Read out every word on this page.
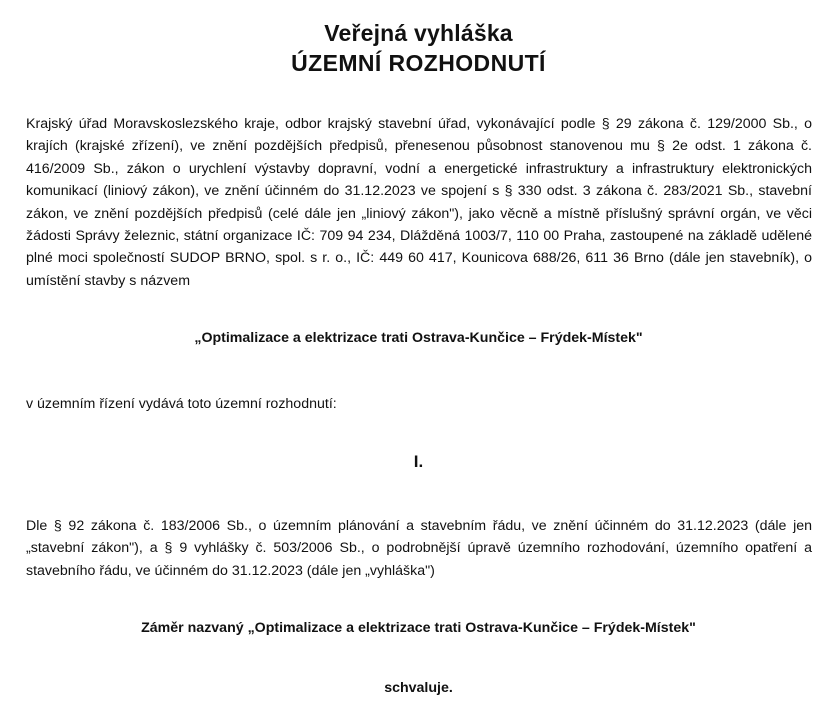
Veřejná vyhláška
ÚZEMNÍ ROZHODNUTÍ

Krajský úřad Moravskoslezského kraje, odbor krajský stavební úřad, vykonávající podle § 29 zákona č. 129/2000 Sb., o krajích (krajské zřízení), ve znění pozdějších předpisů, přenesenou působnost stanovenou mu § 2e odst. 1 zákona č. 416/2009 Sb., zákon o urychlení výstavby dopravní, vodní a energetické infrastruktury a infrastruktury elektronických komunikací (liniový zákon), ve znění účinném do 31.12.2023 ve spojení s § 330 odst. 3 zákona č. 283/2021 Sb., stavební zákon, ve znění pozdějších předpisů (celé dále jen „liniový zákon"), jako věcně a místně příslušný správní orgán, ve věci žádosti Správy železnic, státní organizace IČ: 709 94 234, Dlážděná 1003/7, 110 00 Praha, zastoupené na základě udělené plné moci společností SUDOP BRNO, spol. s r. o., IČ: 449 60 417, Kounicova 688/26, 611 36 Brno (dále jen stavebník), o umístění stavby s názvem

„Optimalizace a elektrizace trati Ostrava-Kunčice – Frýdek-Místek"
v územním řízení vydává toto územní rozhodnutí:
I.

Dle § 92 zákona č. 183/2006 Sb., o územním plánování a stavebním řádu, ve znění účinném do 31.12.2023 (dále jen „stavební zákon"), a § 9 vyhlášky č. 503/2006 Sb., o podrobnější úpravě územního rozhodování, územního opatření a stavebního řádu, ve účinném do 31.12.2023 (dále jen „vyhláška")

Záměr nazvaný „Optimalizace a elektrizace trati Ostrava-Kunčice – Frýdek-Místek"
schvaluje.
